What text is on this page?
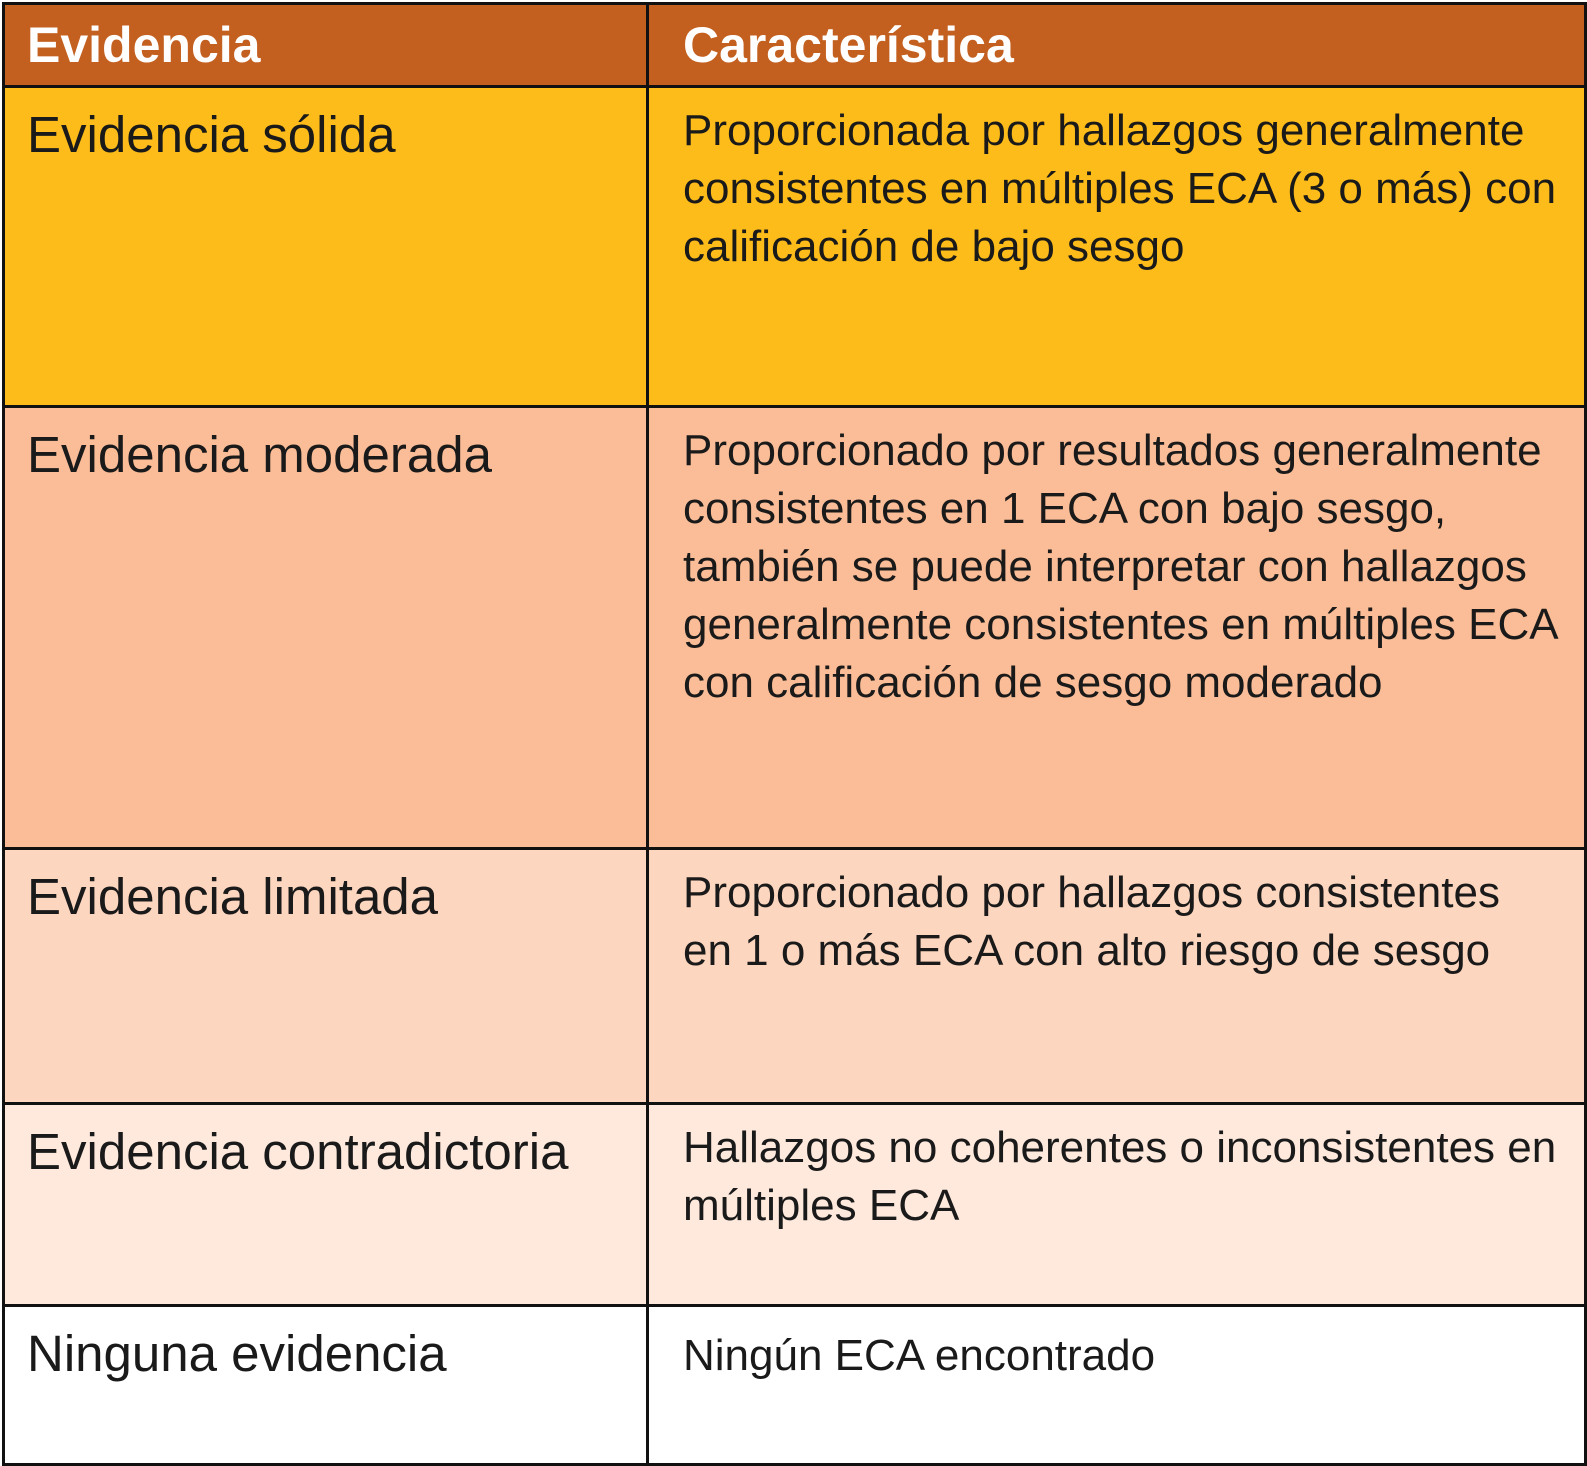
Evidencia	Característica
Evidencia sólida	Proporcionada por hallazgos generalmente consistentes en múltiples ECA (3 o más) con calificación de bajo sesgo
Evidencia moderada	Proporcionado por resultados generalmente consistentes en 1 ECA con bajo sesgo, también se puede interpretar con hallazgos generalmente consistentes en múltiples ECA con calificación de sesgo moderado
Evidencia limitada	Proporcionado por hallazgos consistentes en 1 o más ECA con alto riesgo de sesgo
Evidencia contradictoria	Hallazgos no coherentes o inconsistentes en múltiples ECA
Ninguna evidencia	Ningún ECA encontrado
